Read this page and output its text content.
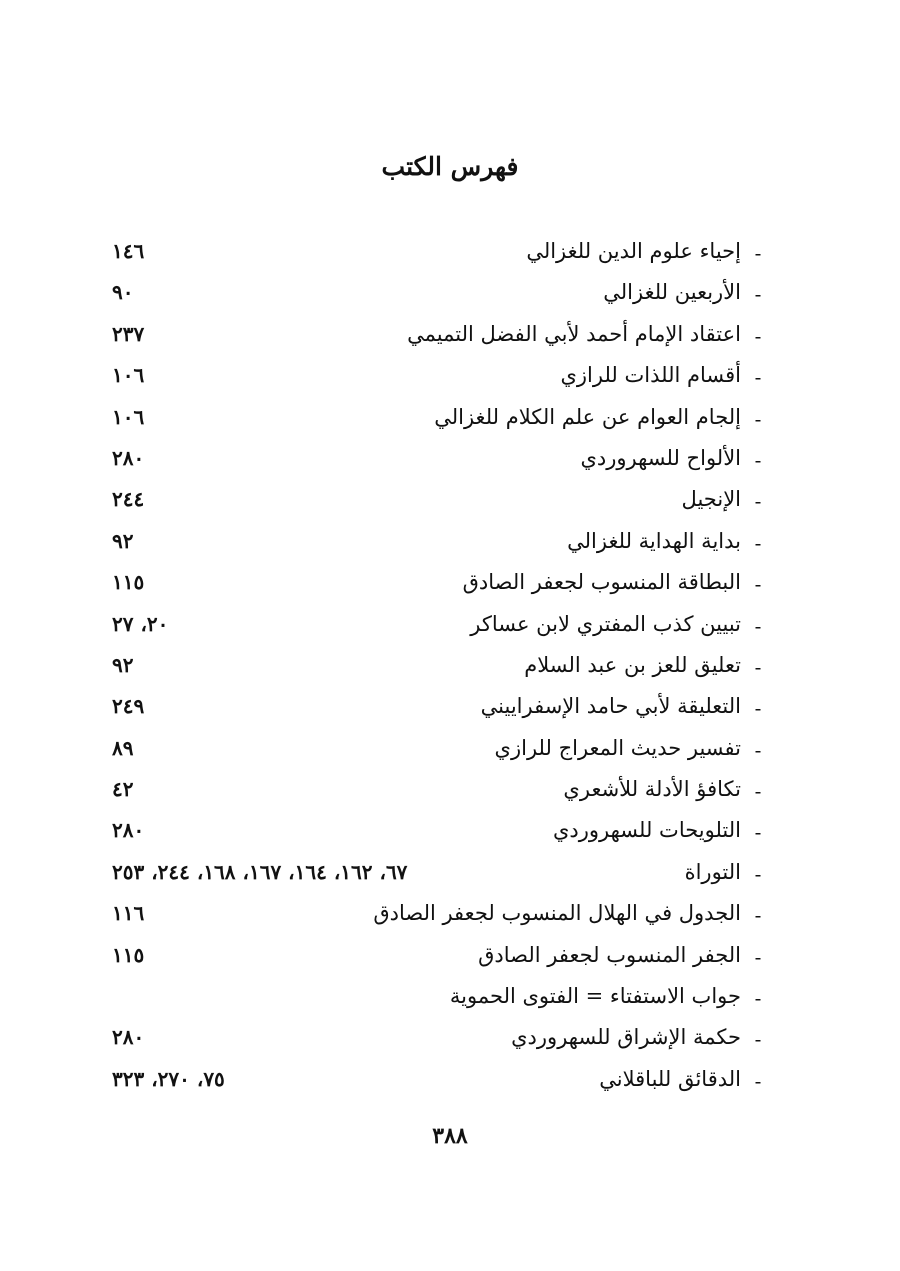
فهرس الكتب
-
إحياء علوم الدين للغزالي
١٤٦
-
الأربعين للغزالي
٩٠
-
اعتقاد الإمام أحمد لأبي الفضل التميمي
٢٣٧
-
أقسام اللذات للرازي
١٠٦
-
إلجام العوام عن علم الكلام للغزالي
١٠٦
-
الألواح للسهروردي
٢٨٠
-
الإنجيل
٢٤٤
-
بداية الهداية للغزالي
٩٢
-
البطاقة المنسوب لجعفر الصادق
١١٥
-
تبيين كذب المفتري لابن عساكر
٢٠، ٢٧
-
تعليق للعز بن عبد السلام
٩٢
-
التعليقة لأبي حامد الإسفراييني
٢٤٩
-
تفسير حديث المعراج للرازي
٨٩
-
تكافؤ الأدلة للأشعري
٤٢
-
التلويحات للسهروردي
٢٨٠
-
التوراة
٦٧، ١٦٢، ١٦٤، ١٦٧، ١٦٨، ٢٤٤، ٢٥٣
-
الجدول في الهلال المنسوب لجعفر الصادق
١١٦
-
الجفر المنسوب لجعفر الصادق
١١٥
-
جواب الاستفتاء = الفتوى الحموية
-
حكمة الإشراق للسهروردي
٢٨٠
-
الدقائق للباقلاني
٧٥، ٢٧٠، ٣٢٣
٣٨٨
